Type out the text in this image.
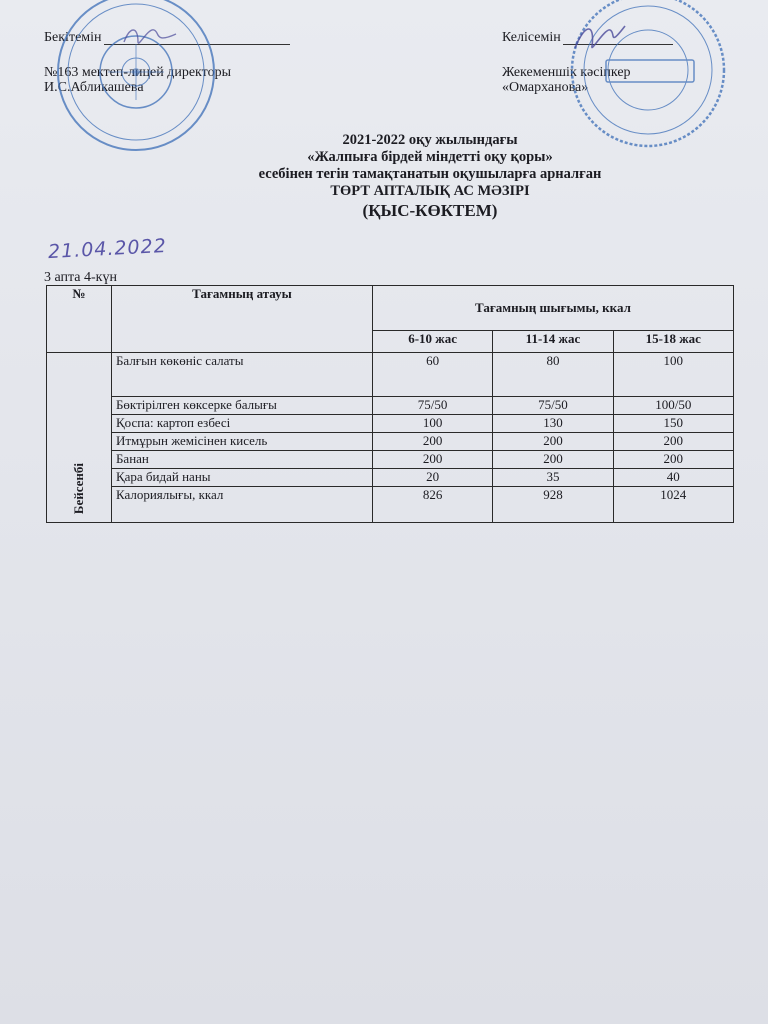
Бекітемін
№163 мектеп-лицей директоры
И.С.Абликашева
Келісемін
Жекеменшік кәсіпкер
«Омарханова»
2021-2022 оқу жылындағы
«Жалпыға бірдей міндетті оқу қоры»
есебінен тегін тамақтанатын оқушыларға арналған
ТӨРТ АПТАЛЫҚ АС МӘЗІРІ
(ҚЫС-КӨКТЕМ)
21.04.2022
3 апта 4-күн
№	Тағамның атауы	Тағамның шығымы, ккал		
		6-10 жас	11-14 жас	15-18 жас
Бейсенбі	Балғын көкөніс салаты	60	80	100
	Бөктірілген көксерке балығы	75/50	75/50	100/50
	Қоспа: картоп езбесі	100	130	150
	Итмұрын жемісінен кисель	200	200	200
	Банан	200	200	200
	Қара бидай наны	20	35	40
	Калориялығы, ккал	826	928	1024
